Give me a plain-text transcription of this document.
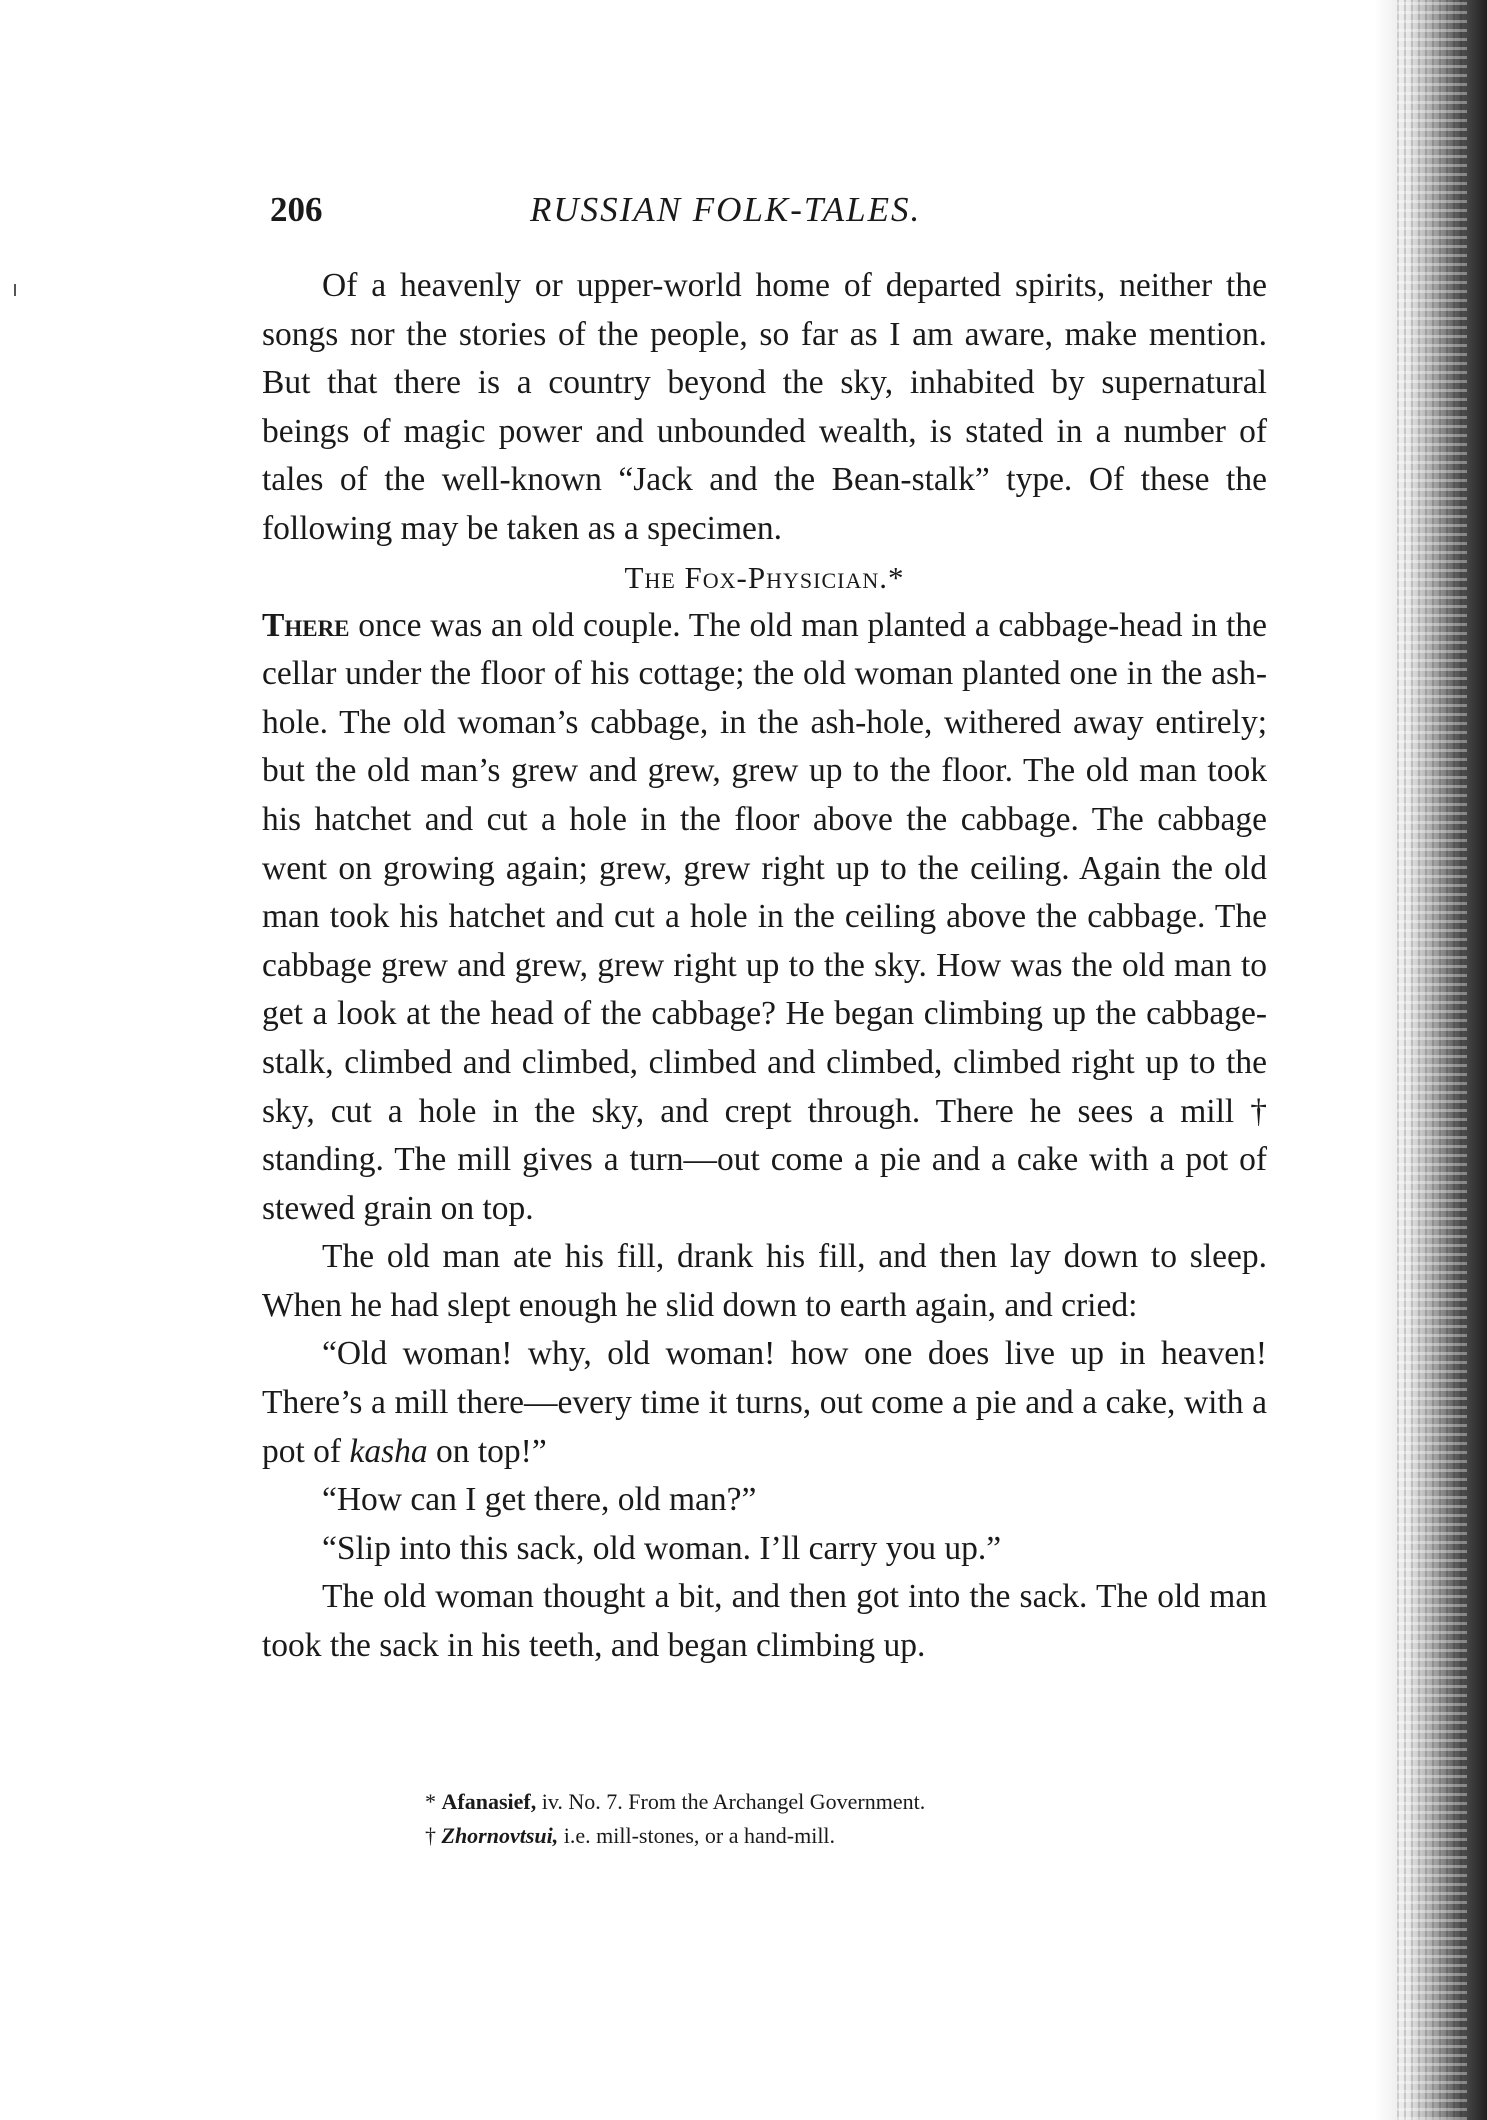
206	RUSSIAN FOLK-TALES.

Of a heavenly or upper-world home of departed spirits, neither the songs nor the stories of the people, so far as I am aware, make mention. But that there is a country beyond the sky, inhabited by supernatural beings of magic power and unbounded wealth, is stated in a number of tales of the well-known “Jack and the Bean-stalk” type. Of these the following may be taken as a specimen.

The Fox-Physician.*

There once was an old couple. The old man planted a cabbage-head in the cellar under the floor of his cottage; the old woman planted one in the ash-hole. The old woman’s cabbage, in the ash-hole, withered away entirely; but the old man’s grew and grew, grew up to the floor. The old man took his hatchet and cut a hole in the floor above the cabbage. The cabbage went on growing again; grew, grew right up to the ceiling. Again the old man took his hatchet and cut a hole in the ceiling above the cabbage. The cabbage grew and grew, grew right up to the sky. How was the old man to get a look at the head of the cabbage? He began climbing up the cabbage-stalk, climbed and climbed, climbed and climbed, climbed right up to the sky, cut a hole in the sky, and crept through. There he sees a mill † standing. The mill gives a turn—out come a pie and a cake with a pot of stewed grain on top.

The old man ate his fill, drank his fill, and then lay down to sleep. When he had slept enough he slid down to earth again, and cried:

“Old woman! why, old woman! how one does live up in heaven! There’s a mill there—every time it turns, out come a pie and a cake, with a pot of kasha on top!”

“How can I get there, old man?”

“Slip into this sack, old woman. I’ll carry you up.”

The old woman thought a bit, and then got into the sack. The old man took the sack in his teeth, and began climbing up.

* Afanasief, iv. No. 7. From the Archangel Government.

† Zhornovtsui, i.e. mill-stones, or a hand-mill.
